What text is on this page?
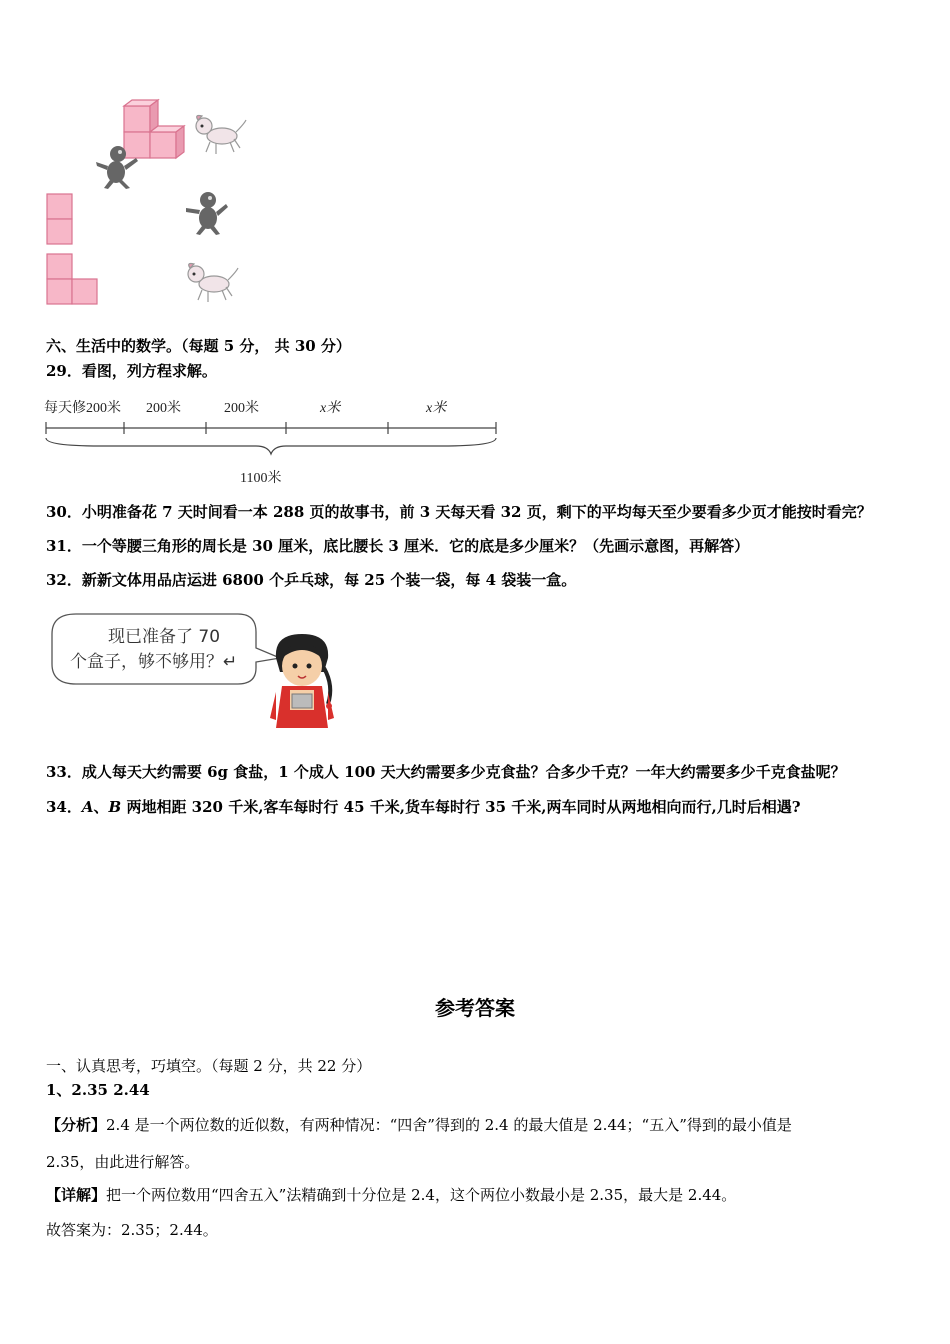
六、生活中的数学。（每题 5 分， 共 30 分）
29．看图，列方程求解。
每天修200米 200米	200米	x米	x米
1100米
30．小明准备花 7 天时间看一本 288 页的故事书，前 3 天每天看 32 页，剩下的平均每天至少要看多少页才能按时看完？
31．一个等腰三角形的周长是 30 厘米，底比腰长 3 厘米．它的底是多少厘米？（先画示意图，再解答）
32．新新文体用品店运进 6800 个乒乓球，每 25 个装一袋，每 4 袋装一盒。
现已准备了 70
个盒子，够不够用？↵
33．成人每天大约需要 6g 食盐，1 个成人 100 天大约需要多少克食盐？合多少千克？一年大约需要多少千克食盐呢？
34．A、B 两地相距 320 千米,客车每时行 45 千米,货车每时行 35 千米,两车同时从两地相向而行,几时后相遇?
参考答案
一、认真思考，巧填空。（每题 2 分，共 22 分）
1、2.35 2.44
【分析】2.4 是一个两位数的近似数，有两种情况：“四舍”得到的 2.4 的最大值是 2.44；“五入”得到的最小值是
2.35，由此进行解答。
【详解】把一个两位数用“四舍五入”法精确到十分位是 2.4，这个两位小数最小是 2.35，最大是 2.44。
故答案为：2.35；2.44。
